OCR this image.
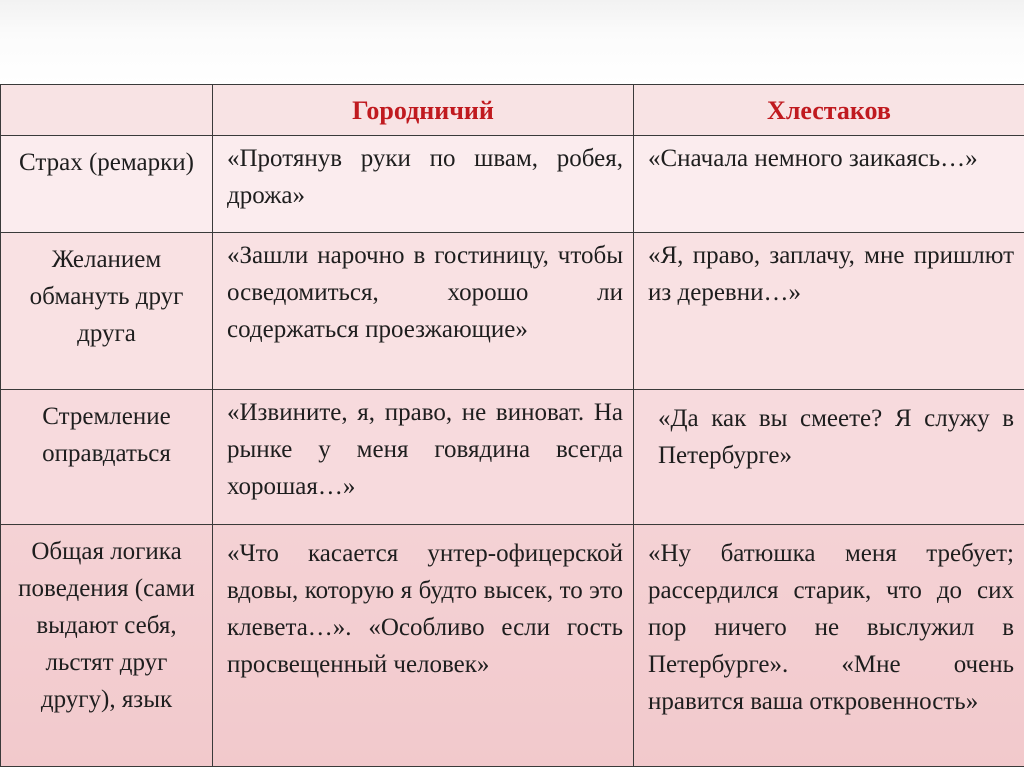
	Городничий	Хлестаков
Страх (ремарки)	«Протянув руки по швам, робея, дрожа»	«Сначала немного заикаясь…»
Желанием обмануть друг друга	«Зашли нарочно в гостиницу, чтобы осведомиться, хорошо ли содержаться проезжающие»	«Я, право, заплачу, мне пришлют из деревни…»
Стремление оправдаться	«Извините, я, право, не виноват. На рынке у меня говядина всегда хорошая…»	«Да как вы смеете? Я служу в Петербурге»
Общая логика поведения (сами выдают себя, льстят друг другу), язык	«Что касается унтер-офицерской вдовы, которую я будто высек, то это клевета…». «Особливо если гость просвещенный человек»	«Ну батюшка меня требует; рассердился старик, что до сих пор ничего не выслужил в Петербурге». «Мне очень нравится ваша откровенность»
